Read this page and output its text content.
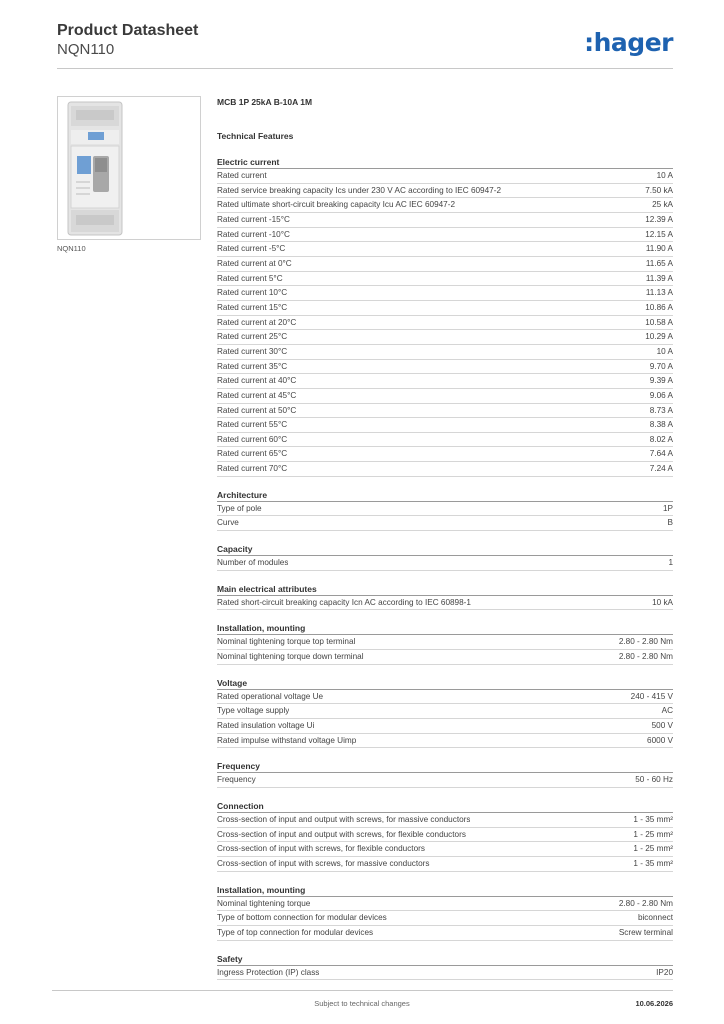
Product Datasheet
NQN110	:hager
NQN110
MCB 1P 25kA B-10A 1M
Technical Features
Electric current
Rated current	10 A
Rated service breaking capacity Ics under 230 V AC according to IEC 60947-2	7.50 kA
Rated ultimate short-circuit breaking capacity Icu AC IEC 60947-2	25 kA
Rated current -15°C	12.39 A
Rated current -10°C	12.15 A
Rated current -5°C	11.90 A
Rated current at 0°C	11.65 A
Rated current 5°C	11.39 A
Rated current 10°C	11.13 A
Rated current 15°C	10.86 A
Rated current at 20°C	10.58 A
Rated current 25°C	10.29 A
Rated current 30°C	10 A
Rated current 35°C	9.70 A
Rated current at 40°C	9.39 A
Rated current at 45°C	9.06 A
Rated current at 50°C	8.73 A
Rated current 55°C	8.38 A
Rated current 60°C	8.02 A
Rated current 65°C	7.64 A
Rated current 70°C	7.24 A
Architecture
Type of pole	1P
Curve	B
Capacity
Number of modules	1
Main electrical attributes
Rated short-circuit breaking capacity Icn AC according to IEC 60898-1	10 kA
Installation, mounting
Nominal tightening torque top terminal	2.80 - 2.80 Nm
Nominal tightening torque down terminal	2.80 - 2.80 Nm
Voltage
Rated operational voltage Ue	240 - 415 V
Type voltage supply	AC
Rated insulation voltage Ui	500 V
Rated impulse withstand voltage Uimp	6000 V
Frequency
Frequency	50 - 60 Hz
Connection
Cross-section of input and output with screws, for massive conductors	1 - 35 mm²
Cross-section of input and output with screws, for flexible conductors	1 - 25 mm²
Cross-section of input with screws, for flexible conductors	1 - 25 mm²
Cross-section of input with screws, for massive conductors	1 - 35 mm²
Installation, mounting
Nominal tightening torque	2.80 - 2.80 Nm
Type of bottom connection for modular devices	biconnect
Type of top connection for modular devices	Screw terminal
Safety
Ingress Protection (IP) class	IP20
Subject to technical changes	10.06.2026
